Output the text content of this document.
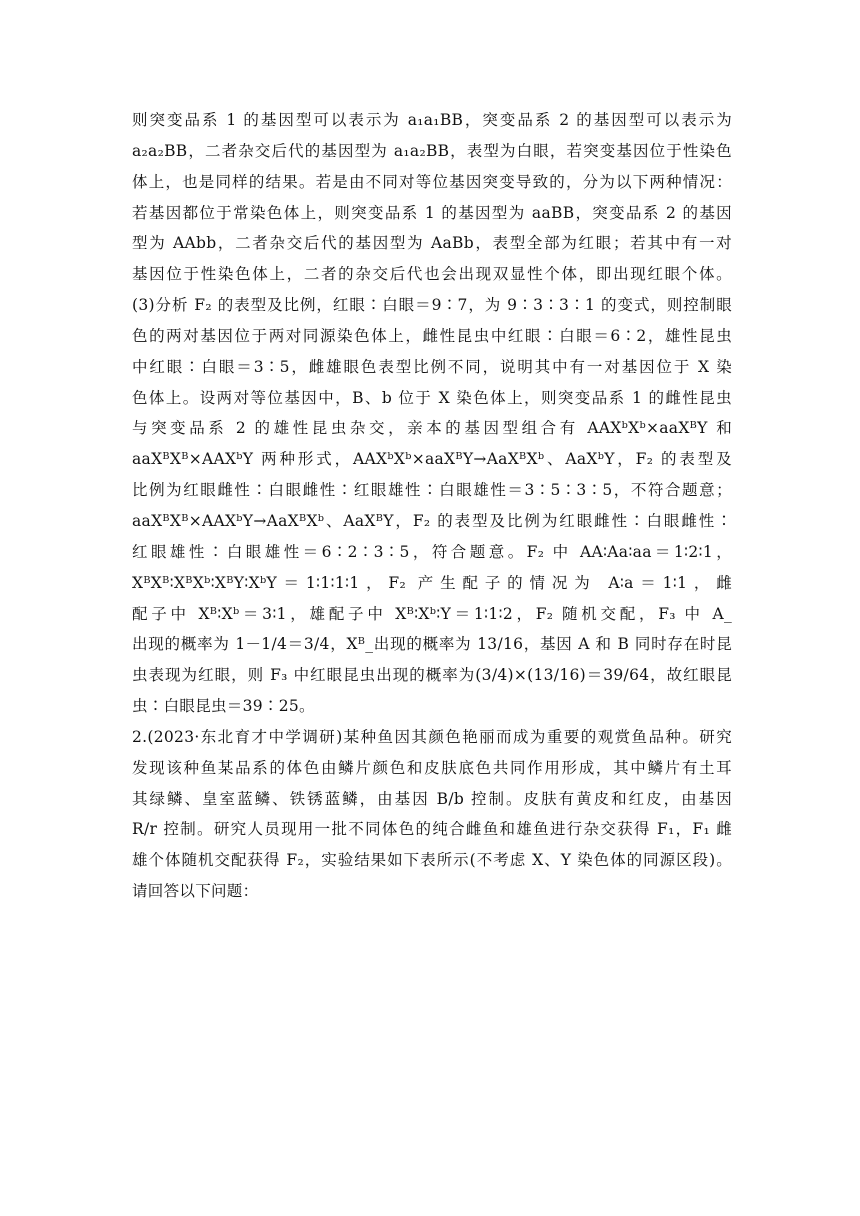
则突变品系 1 的基因型可以表示为 a₁a₁BB，突变品系 2 的基因型可以表示为
a₂a₂BB，二者杂交后代的基因型为 a₁a₂BB，表型为白眼，若突变基因位于性染色
体上，也是同样的结果。若是由不同对等位基因突变导致的，分为以下两种情况：
若基因都位于常染色体上，则突变品系 1 的基因型为 aaBB，突变品系 2 的基因
型为 AAbb，二者杂交后代的基因型为 AaBb，表型全部为红眼；若其中有一对
基因位于性染色体上，二者的杂交后代也会出现双显性个体，即出现红眼个体。
(3)分析 F₂ 的表型及比例，红眼∶白眼＝9∶7，为 9∶3∶3∶1 的变式，则控制眼
色的两对基因位于两对同源染色体上，雌性昆虫中红眼∶白眼＝6∶2，雄性昆虫
中红眼∶白眼＝3∶5，雌雄眼色表型比例不同，说明其中有一对基因位于 X 染
色体上。设两对等位基因中，B、b 位于 X 染色体上，则突变品系 1 的雌性昆虫
与突变品系 2 的雄性昆虫杂交，亲本的基因型组合有 AAXᵇXᵇ×aaXᴮY 和
aaXᴮXᴮ×AAXᵇY 两种形式，AAXᵇXᵇ×aaXᴮY→AaXᴮXᵇ、AaXᵇY，F₂ 的表型及
比例为红眼雌性∶白眼雌性∶红眼雄性∶白眼雄性＝3∶5∶3∶5，不符合题意；
aaXᴮXᴮ×AAXᵇY→AaXᴮXᵇ、AaXᴮY，F₂ 的表型及比例为红眼雌性∶白眼雌性∶
红眼雄性∶白眼雄性＝6∶2∶3∶5，符合题意。F₂ 中 AA∶Aa∶aa＝1∶2∶1，
XᴮXᴮ∶XᴮXᵇ∶XᴮY∶XᵇY＝1∶1∶1∶1，F₂ 产生配子的情况为 A∶a＝1∶1，雌
配子中 Xᴮ∶Xᵇ＝3∶1，雄配子中 Xᴮ∶Xᵇ∶Y＝1∶1∶2，F₂ 随机交配，F₃ 中 A_
出现的概率为 1－1/4＝3/4，Xᴮ_出现的概率为 13/16，基因 A 和 B 同时存在时昆
虫表现为红眼，则 F₃ 中红眼昆虫出现的概率为(3/4)×(13/16)＝39/64，故红眼昆
虫∶白眼昆虫＝39∶25。
2.(2023·东北育才中学调研)某种鱼因其颜色艳丽而成为重要的观赏鱼品种。研究
发现该种鱼某品系的体色由鳞片颜色和皮肤底色共同作用形成，其中鳞片有土耳
其绿鳞、皇室蓝鳞、铁锈蓝鳞，由基因 B/b 控制。皮肤有黄皮和红皮，由基因
R/r 控制。研究人员现用一批不同体色的纯合雌鱼和雄鱼进行杂交获得 F₁，F₁ 雌
雄个体随机交配获得 F₂，实验结果如下表所示(不考虑 X、Y 染色体的同源区段)。
请回答以下问题：
